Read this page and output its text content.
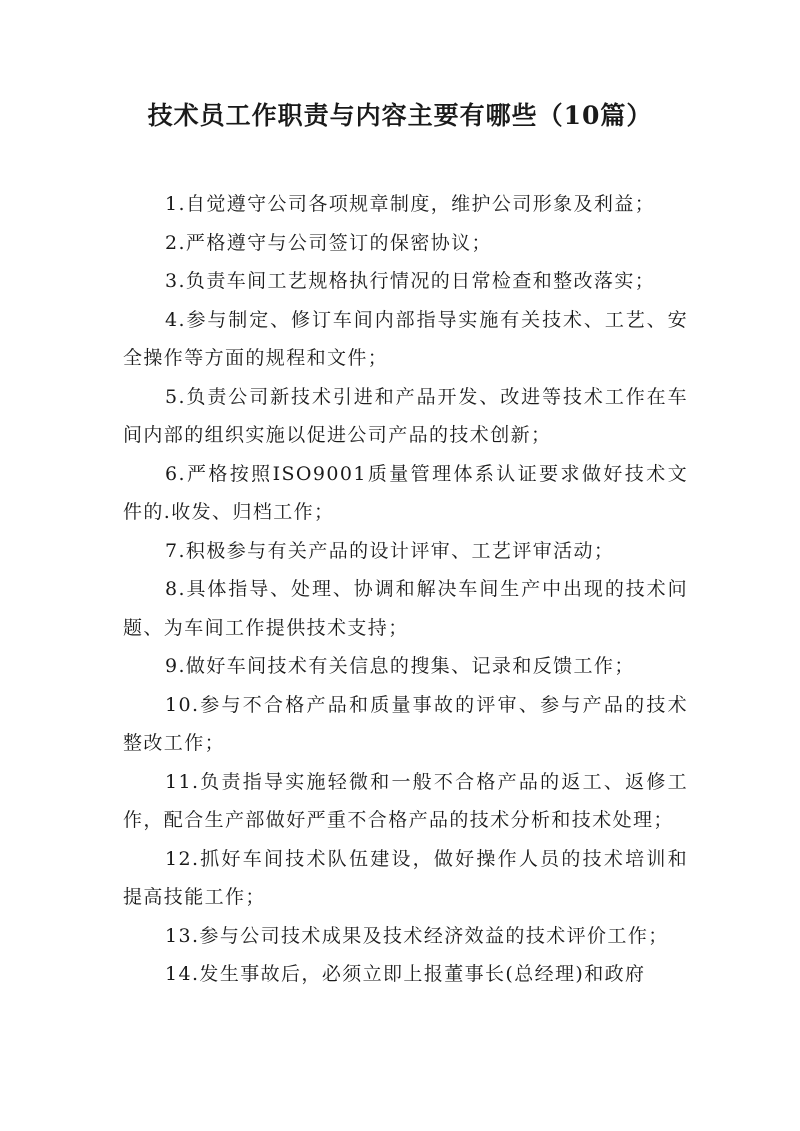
技术员工作职责与内容主要有哪些（10篇）

1.自觉遵守公司各项规章制度，维护公司形象及利益；

2.严格遵守与公司签订的保密协议；

3.负责车间工艺规格执行情况的日常检查和整改落实；

4.参与制定、修订车间内部指导实施有关技术、工艺、安全操作等方面的规程和文件；

5.负责公司新技术引进和产品开发、改进等技术工作在车间内部的组织实施以促进公司产品的技术创新；

6.严格按照ISO9001质量管理体系认证要求做好技术文件的.收发、归档工作；

7.积极参与有关产品的设计评审、工艺评审活动；

8.具体指导、处理、协调和解决车间生产中出现的技术问题、为车间工作提供技术支持；

9.做好车间技术有关信息的搜集、记录和反馈工作；

10.参与不合格产品和质量事故的评审、参与产品的技术整改工作；

11.负责指导实施轻微和一般不合格产品的返工、返修工作，配合生产部做好严重不合格产品的技术分析和技术处理；

12.抓好车间技术队伍建设，做好操作人员的技术培训和提高技能工作；

13.参与公司技术成果及技术经济效益的技术评价工作；

14.发生事故后，必须立即上报董事长(总经理)和政府
